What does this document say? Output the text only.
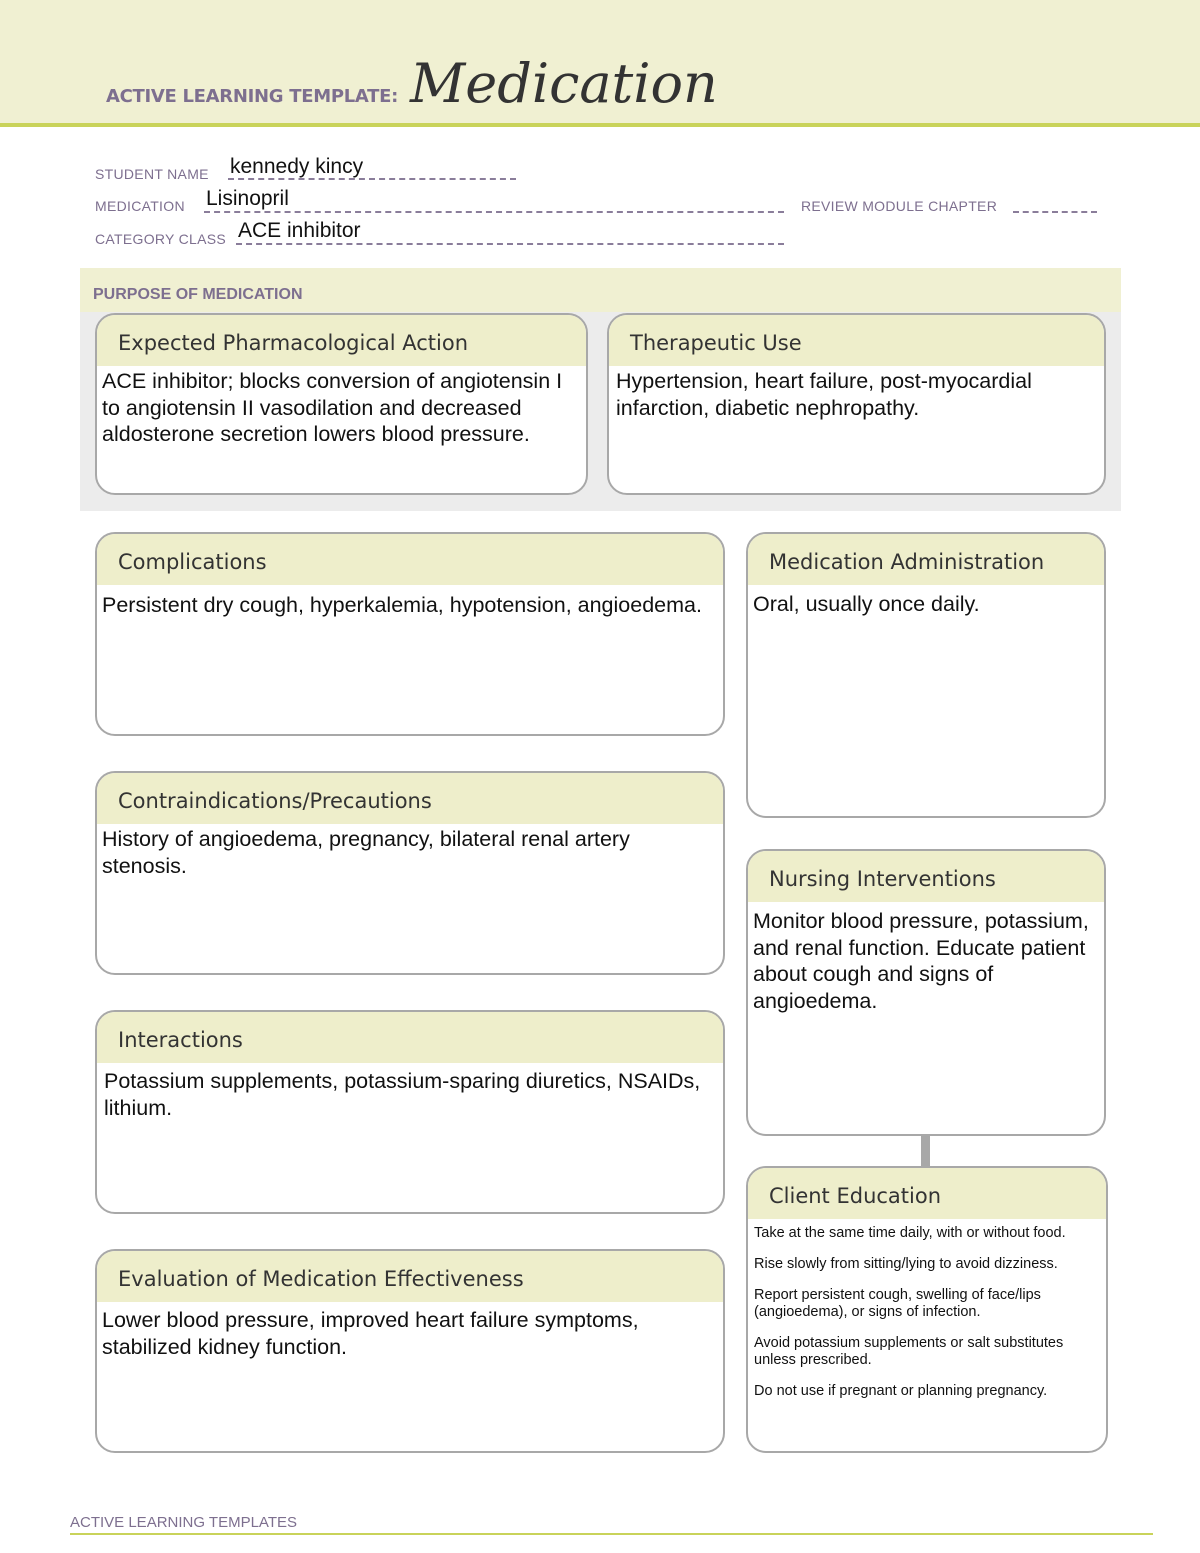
ACTIVE LEARNING TEMPLATE: Medication
STUDENT NAME kennedy kincy
MEDICATION Lisinopril	REVIEW MODULE CHAPTER
CATEGORY CLASS ACE inhibitor
PURPOSE OF MEDICATION
Expected Pharmacological Action
ACE inhibitor; blocks conversion of angiotensin I to angiotensin II vasodilation and decreased aldosterone secretion lowers blood pressure.
Therapeutic Use
Hypertension, heart failure, post-myocardial infarction, diabetic nephropathy.
Complications
Persistent dry cough, hyperkalemia, hypotension, angioedema.
Contraindications/Precautions
History of angioedema, pregnancy, bilateral renal artery stenosis.
Interactions
Potassium supplements, potassium-sparing diuretics, NSAIDs, lithium.
Evaluation of Medication Effectiveness
Lower blood pressure, improved heart failure symptoms, stabilized kidney function.
Medication Administration
Oral, usually once daily.
Nursing Interventions
Monitor blood pressure, potassium, and renal function. Educate patient about cough and signs of angioedema.
Client Education

Take at the same time daily, with or without food.

Rise slowly from sitting/lying to avoid dizziness.

Report persistent cough, swelling of face/lips (angioedema), or signs of infection.

Avoid potassium supplements or salt substitutes unless prescribed.

Do not use if pregnant or planning pregnancy.

ACTIVE LEARNING TEMPLATES
